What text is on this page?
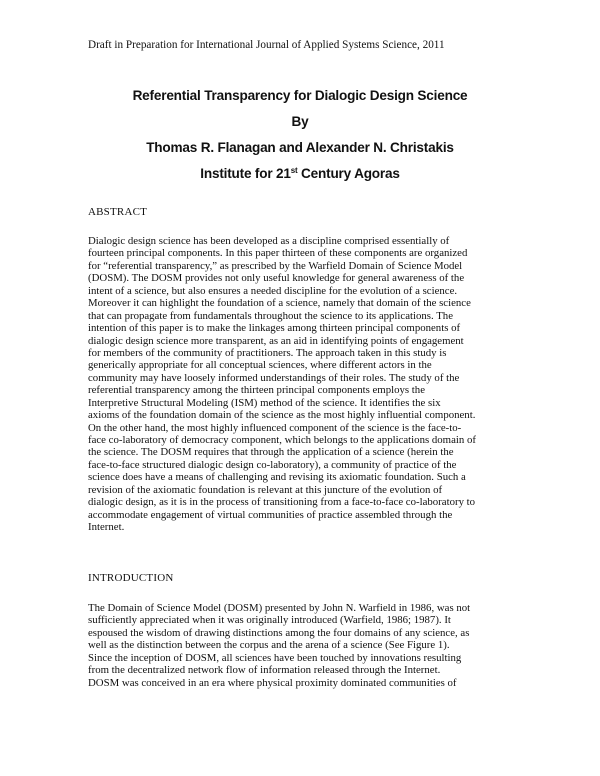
Draft in Preparation for International Journal of Applied Systems Science, 2011
Referential Transparency for Dialogic Design Science
By
Thomas R. Flanagan and Alexander N. Christakis
Institute for 21st Century Agoras
ABSTRACT
Dialogic design science has been developed as a discipline comprised essentially of
fourteen principal components. In this paper thirteen of these components are organized
for “referential transparency,” as prescribed by the Warfield Domain of Science Model
(DOSM). The DOSM provides not only useful knowledge for general awareness of the
intent of a science, but also ensures a needed discipline for the evolution of a science.
Moreover it can highlight the foundation of a science, namely that domain of the science
that can propagate from fundamentals throughout the science to its applications. The
intention of this paper is to make the linkages among thirteen principal components of
dialogic design science more transparent, as an aid in identifying points of engagement
for members of the community of practitioners. The approach taken in this study is
generically appropriate for all conceptual sciences, where different actors in the
community may have loosely informed understandings of their roles. The study of the
referential transparency among the thirteen principal components employs the
Interpretive Structural Modeling (ISM) method of the science. It identifies the six
axioms of the foundation domain of the science as the most highly influential component.
On the other hand, the most highly influenced component of the science is the face-to-
face co-laboratory of democracy component, which belongs to the applications domain of
the science. The DOSM requires that through the application of a science (herein the
face-to-face structured dialogic design co-laboratory), a community of practice of the
science does have a means of challenging and revising its axiomatic foundation. Such a
revision of the axiomatic foundation is relevant at this juncture of the evolution of
dialogic design, as it is in the process of transitioning from a face-to-face co-laboratory to
accommodate engagement of virtual communities of practice assembled through the
Internet.
INTRODUCTION
The Domain of Science Model (DOSM) presented by John N. Warfield in 1986, was not
sufficiently appreciated when it was originally introduced (Warfield, 1986; 1987). It
espoused the wisdom of drawing distinctions among the four domains of any science, as
well as the distinction between the corpus and the arena of a science (See Figure 1).
Since the inception of DOSM, all sciences have been touched by innovations resulting
from the decentralized network flow of information released through the Internet.
DOSM was conceived in an era where physical proximity dominated communities of
